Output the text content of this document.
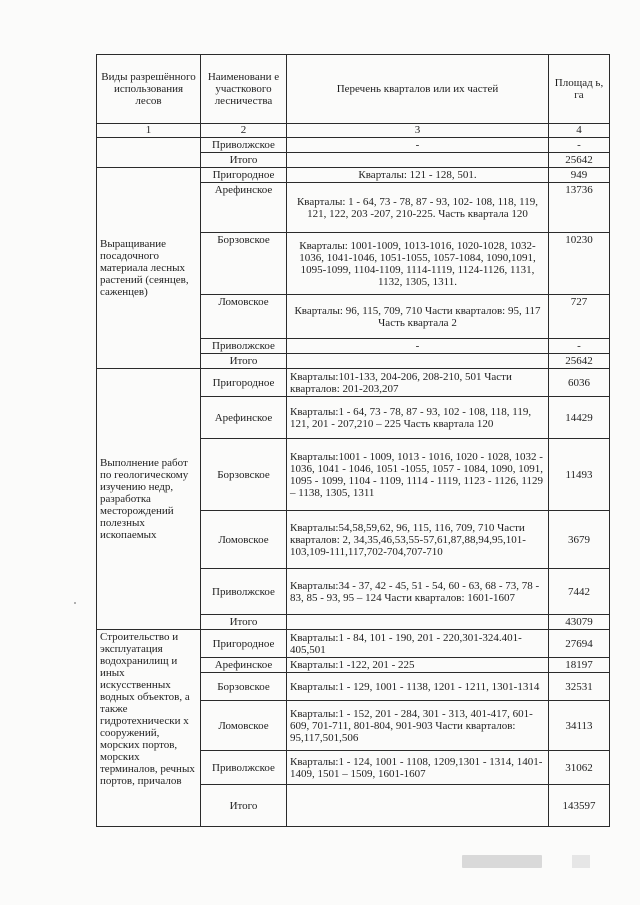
Виды разрешённого использования лесов	Наименовани е участкового лесничества	Перечень кварталов или их частей	Площад ь, га
1	2	3	4
	Приволжское	-	-
	Итого		25642
Выращивание посадочного материала лесных растений (сеянцев, саженцев)	Пригородное	Кварталы: 121 - 128, 501.	949
	Арефинское	Кварталы: 1 - 64, 73 - 78, 87 - 93, 102- 108, 118, 119, 121, 122, 203 -207, 210-225. Часть квартала 120	13736
	Борзовское	Кварталы: 1001-1009, 1013-1016, 1020-1028, 1032-1036, 1041-1046, 1051-1055, 1057-1084, 1090,1091, 1095-1099, 1104-1109, 1114-1119, 1124-1126, 1131, 1132, 1305, 1311.	10230
	Ломовское	Кварталы: 96, 115, 709, 710 Части кварталов: 95, 117 Часть квартала 2	727
	Приволжское	-	-
	Итого		25642
Выполнение работ по геологическому изучению недр, разработка месторождений полезных ископаемых	Пригородное	Кварталы:101-133, 204-206, 208-210, 501 Части кварталов: 201-203,207	6036
	Арефинское	Кварталы:1 - 64, 73 - 78, 87 - 93, 102 - 108, 118, 119, 121, 201 - 207,210 – 225 Часть квартала 120	14429
	Борзовское	Кварталы:1001 - 1009, 1013 - 1016, 1020 - 1028, 1032 - 1036, 1041 - 1046, 1051 -1055, 1057 - 1084, 1090, 1091, 1095 - 1099, 1104 - 1109, 1114 - 1119, 1123 - 1126, 1129 – 1138, 1305, 1311	11493
	Ломовское	Кварталы:54,58,59,62, 96, 115, 116, 709, 710 Части кварталов: 2, 34,35,46,53,55-57,61,87,88,94,95,101-103,109-111,117,702-704,707-710	3679
	Приволжское	Кварталы:34 - 37, 42 - 45, 51 - 54, 60 - 63, 68 - 73, 78 - 83, 85 - 93, 95 – 124 Части кварталов: 1601-1607	7442
	Итого		43079
Строительство и эксплуатация водохранилищ и иных искусственных водных объектов, а также гидротехнически х сооружений, морских портов, морских терминалов, речных портов, причалов	Пригородное	Кварталы:1 - 84, 101 - 190, 201 - 220,301-324.401-405,501	27694
	Арефинское	Кварталы:1 -122, 201 - 225	18197
	Борзовское	Кварталы:1 - 129, 1001 - 1138, 1201 - 1211, 1301-1314	32531
	Ломовское	Кварталы:1 - 152, 201 - 284, 301 - 313, 401-417, 601-609, 701-711, 801-804, 901-903 Части кварталов: 95,117,501,506	34113
	Приволжское	Кварталы:1 - 124, 1001 - 1108, 1209,1301 - 1314, 1401-1409, 1501 – 1509, 1601-1607	31062
	Итого		143597
